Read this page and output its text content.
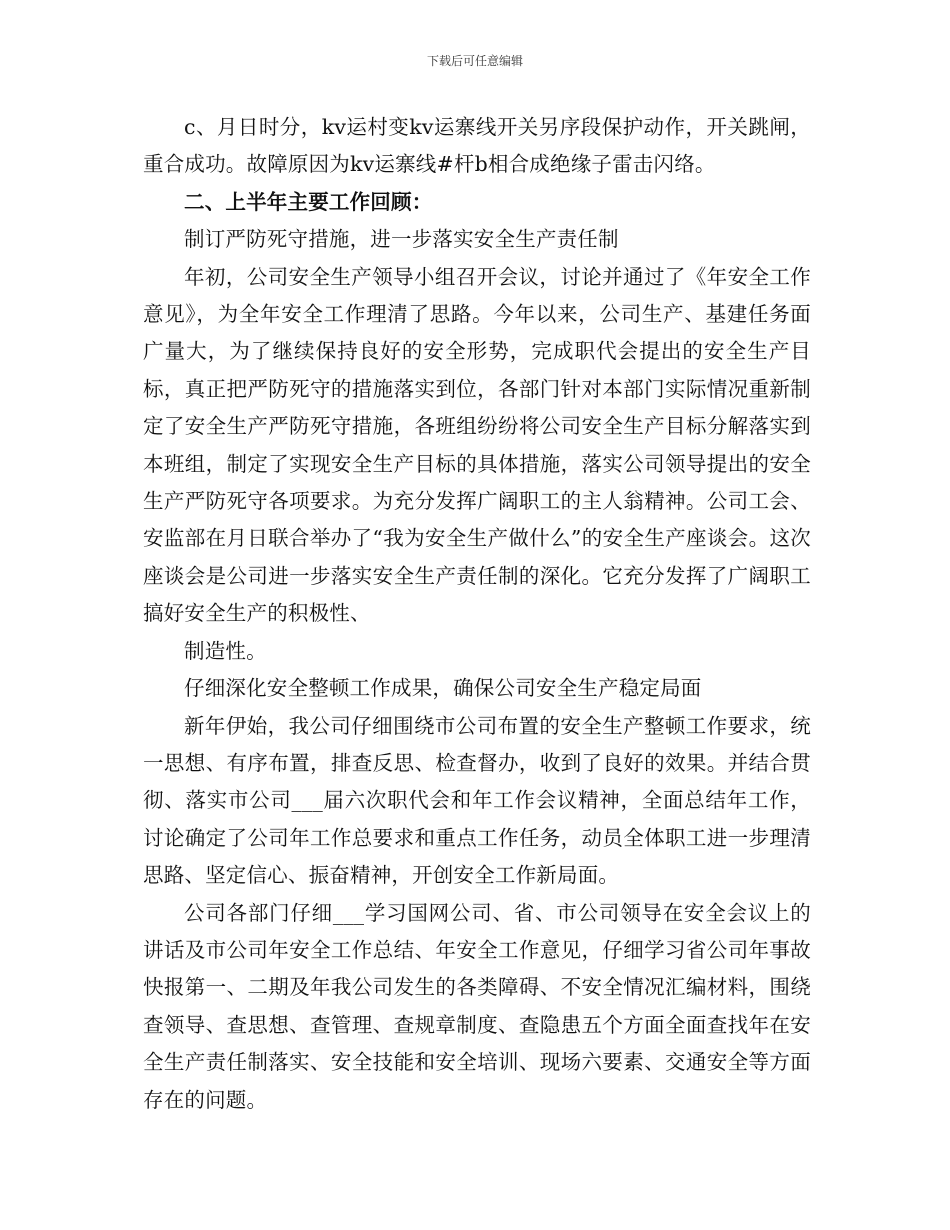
下载后可任意编辑

c、月日时分，kv运村变kv运寨线开关另序段保护动作，开关跳闸，重合成功。故障原因为kv运寨线#杆b相合成绝缘子雷击闪络。

二、上半年主要工作回顾：

制订严防死守措施，进一步落实安全生产责任制

年初，公司安全生产领导小组召开会议，讨论并通过了《年安全工作意见》，为全年安全工作理清了思路。今年以来，公司生产、基建任务面广量大，为了继续保持良好的安全形势，完成职代会提出的安全生产目标，真正把严防死守的措施落实到位，各部门针对本部门实际情况重新制定了安全生产严防死守措施，各班组纷纷将公司安全生产目标分解落实到本班组，制定了实现安全生产目标的具体措施，落实公司领导提出的安全生产严防死守各项要求。为充分发挥广阔职工的主人翁精神。公司工会、安监部在月日联合举办了“我为安全生产做什么”的安全生产座谈会。这次座谈会是公司进一步落实安全生产责任制的深化。它充分发挥了广阔职工搞好安全生产的积极性、

制造性。

仔细深化安全整顿工作成果，确保公司安全生产稳定局面

新年伊始，我公司仔细围绕市公司布置的安全生产整顿工作要求，统一思想、有序布置，排查反思、检查督办，收到了良好的效果。并结合贯彻、落实市公司___届六次职代会和年工作会议精神，全面总结年工作，讨论确定了公司年工作总要求和重点工作任务，动员全体职工进一步理清思路、坚定信心、振奋精神，开创安全工作新局面。

公司各部门仔细___学习国网公司、省、市公司领导在安全会议上的讲话及市公司年安全工作总结、年安全工作意见，仔细学习省公司年事故快报第一、二期及年我公司发生的各类障碍、不安全情况汇编材料，围绕查领导、查思想、查管理、查规章制度、查隐患五个方面全面查找年在安全生产责任制落实、安全技能和安全培训、现场六要素、交通安全等方面存在的问题。
